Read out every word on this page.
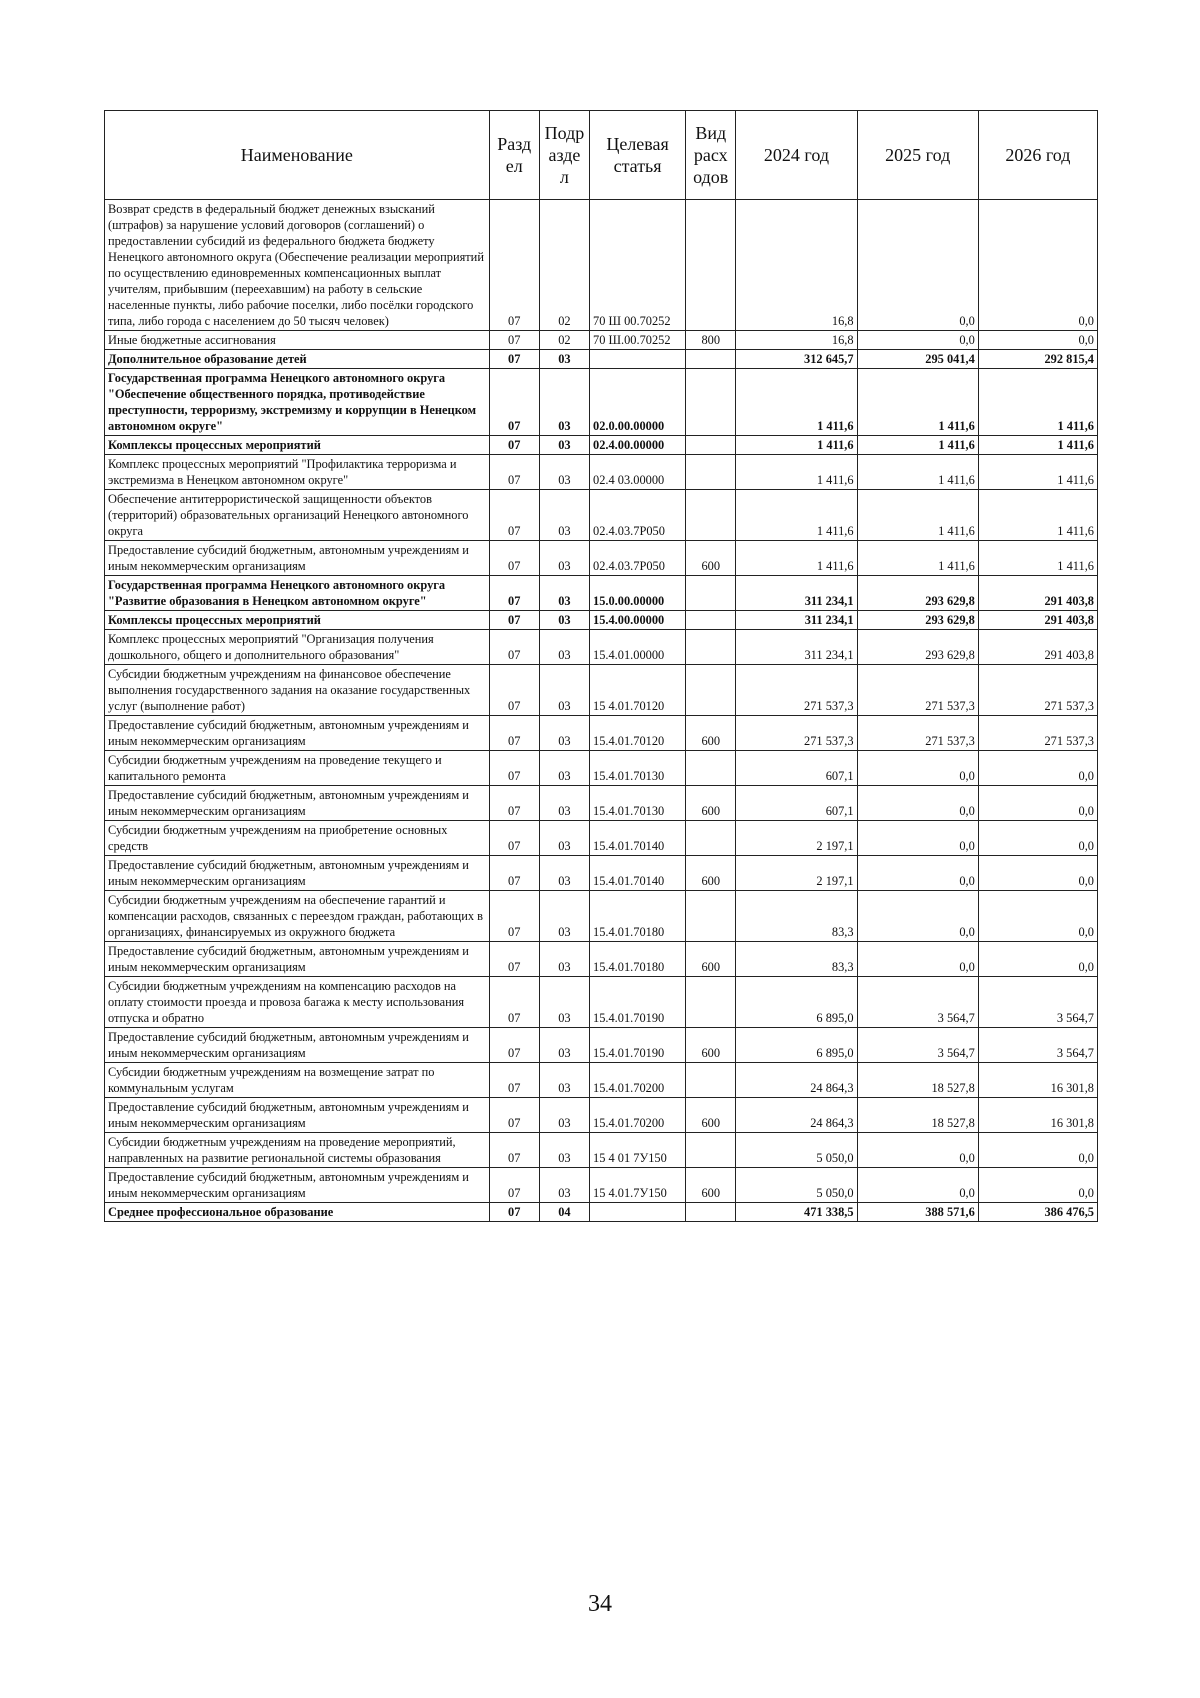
Наименование	Разд ел	Подр азде л	Целевая статья	Вид расх одов	2024 год	2025 год	2026 год
Возврат средств в федеральный бюджет денежных взысканий (штрафов) за нарушение условий договоров (соглашений) о предоставлении субсидий из федерального бюджета бюджету Ненецкого автономного округа (Обеспечение реализации мероприятий по осуществлению единовременных компенсационных выплат учителям, прибывшим (переехавшим) на работу в сельские населенные пункты, либо рабочие поселки, либо посёлки городского типа, либо города с населением до 50 тысяч человек)	07	02	70 Ш 00.70252		16,8	0,0	0,0
Иные бюджетные ассигнования	07	02	70 Ш.00.70252	800	16,8	0,0	0,0
Дополнительное образование детей	07	03			312 645,7	295 041,4	292 815,4
Государственная программа Ненецкого автономного округа "Обеспечение общественного порядка, противодействие преступности, терроризму, экстремизму и коррупции в Ненецком автономном округе"	07	03	02.0.00.00000		1 411,6	1 411,6	1 411,6
Комплексы процессных мероприятий	07	03	02.4.00.00000		1 411,6	1 411,6	1 411,6
Комплекс процессных мероприятий "Профилактика терроризма и экстремизма в Ненецком автономном округе"	07	03	02.4 03.00000		1 411,6	1 411,6	1 411,6
Обеспечение антитеррористической защищенности объектов (территорий) образовательных организаций Ненецкого автономного округа	07	03	02.4.03.7Р050		1 411,6	1 411,6	1 411,6
Предоставление субсидий бюджетным, автономным учреждениям и иным некоммерческим организациям	07	03	02.4.03.7Р050	600	1 411,6	1 411,6	1 411,6
Государственная программа Ненецкого автономного округа "Развитие образования в Ненецком автономном округе"	07	03	15.0.00.00000		311 234,1	293 629,8	291 403,8
Комплексы процессных мероприятий	07	03	15.4.00.00000		311 234,1	293 629,8	291 403,8
Комплекс процессных мероприятий "Организация получения дошкольного, общего и дополнительного образования"	07	03	15.4.01.00000		311 234,1	293 629,8	291 403,8
Субсидии бюджетным учреждениям на финансовое обеспечение выполнения государственного задания на оказание государственных услуг (выполнение работ)	07	03	15 4.01.70120		271 537,3	271 537,3	271 537,3
Предоставление субсидий бюджетным, автономным учреждениям и иным некоммерческим организациям	07	03	15.4.01.70120	600	271 537,3	271 537,3	271 537,3
Субсидии бюджетным учреждениям на проведение текущего и капитального ремонта	07	03	15.4.01.70130		607,1	0,0	0,0
Предоставление субсидий бюджетным, автономным учреждениям и иным некоммерческим организациям	07	03	15.4.01.70130	600	607,1	0,0	0,0
Субсидии бюджетным учреждениям на приобретение основных средств	07	03	15.4.01.70140		2 197,1	0,0	0,0
Предоставление субсидий бюджетным, автономным учреждениям и иным некоммерческим организациям	07	03	15.4.01.70140	600	2 197,1	0,0	0,0
Субсидии бюджетным учреждениям на обеспечение гарантий и компенсации расходов, связанных с переездом граждан, работающих в организациях, финансируемых из окружного бюджета	07	03	15.4.01.70180		83,3	0,0	0,0
Предоставление субсидий бюджетным, автономным учреждениям и иным некоммерческим организациям	07	03	15.4.01.70180	600	83,3	0,0	0,0
Субсидии бюджетным учреждениям на компенсацию расходов на оплату стоимости проезда и провоза багажа к месту использования отпуска и обратно	07	03	15.4.01.70190		6 895,0	3 564,7	3 564,7
Предоставление субсидий бюджетным, автономным учреждениям и иным некоммерческим организациям	07	03	15.4.01.70190	600	6 895,0	3 564,7	3 564,7
Субсидии бюджетным учреждениям на возмещение затрат по коммунальным услугам	07	03	15.4.01.70200		24 864,3	18 527,8	16 301,8
Предоставление субсидий бюджетным, автономным учреждениям и иным некоммерческим организациям	07	03	15.4.01.70200	600	24 864,3	18 527,8	16 301,8
Субсидии бюджетным учреждениям на проведение мероприятий, направленных на развитие региональной системы образования	07	03	15 4 01 7У150		5 050,0	0,0	0,0
Предоставление субсидий бюджетным, автономным учреждениям и иным некоммерческим организациям	07	03	15 4.01.7У150	600	5 050,0	0,0	0,0
Среднее профессиональное образование	07	04			471 338,5	388 571,6	386 476,5
34
